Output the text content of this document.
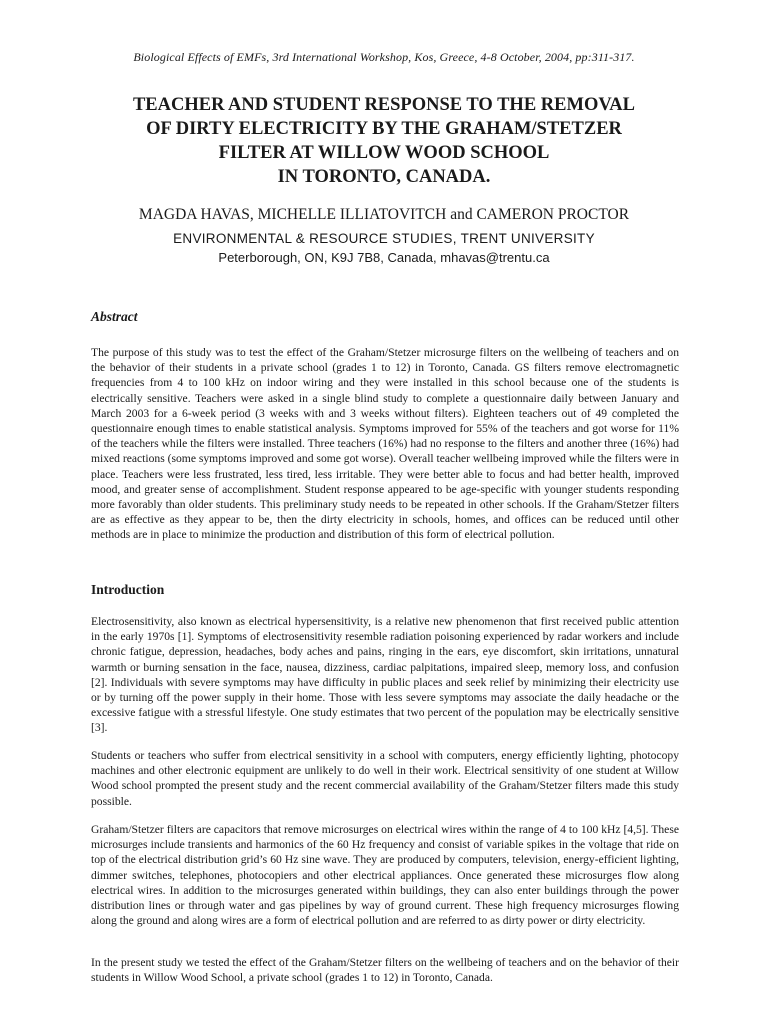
Biological Effects of EMFs, 3rd International Workshop, Kos, Greece, 4-8 October, 2004, pp:311-317.
TEACHER AND STUDENT RESPONSE TO THE REMOVAL
OF DIRTY ELECTRICITY BY THE GRAHAM/STETZER
FILTER AT WILLOW WOOD SCHOOL
IN TORONTO, CANADA.
MAGDA HAVAS, MICHELLE ILLIATOVITCH and CAMERON PROCTOR
ENVIRONMENTAL & RESOURCE STUDIES, TRENT UNIVERSITY
Peterborough, ON, K9J 7B8, Canada, mhavas@trentu.ca
Abstract
The purpose of this study was to test the effect of the Graham/Stetzer microsurge filters on the wellbeing of teachers and on the behavior of their students in a private school (grades 1 to 12) in Toronto, Canada. GS filters remove electromagnetic frequencies from 4 to 100 kHz on indoor wiring and they were installed in this school because one of the students is electrically sensitive. Teachers were asked in a single blind study to complete a questionnaire daily between January and March 2003 for a 6-week period (3 weeks with and 3 weeks without filters). Eighteen teachers out of 49 completed the questionnaire enough times to enable statistical analysis. Symptoms improved for 55% of the teachers and got worse for 11% of the teachers while the filters were installed. Three teachers (16%) had no response to the filters and another three (16%) had mixed reactions (some symptoms improved and some got worse). Overall teacher wellbeing improved while the filters were in place. Teachers were less frustrated, less tired, less irritable. They were better able to focus and had better health, improved mood, and greater sense of accomplishment. Student response appeared to be age-specific with younger students responding more favorably than older students. This preliminary study needs to be repeated in other schools. If the Graham/Stetzer filters are as effective as they appear to be, then the dirty electricity in schools, homes, and offices can be reduced until other methods are in place to minimize the production and distribution of this form of electrical pollution.
Introduction
Electrosensitivity, also known as electrical hypersensitivity, is a relative new phenomenon that first received public attention in the early 1970s [1]. Symptoms of electrosensitivity resemble radiation poisoning experienced by radar workers and include chronic fatigue, depression, headaches, body aches and pains, ringing in the ears, eye discomfort, skin irritations, unnatural warmth or burning sensation in the face, nausea, dizziness, cardiac palpitations, impaired sleep, memory loss, and confusion [2]. Individuals with severe symptoms may have difficulty in public places and seek relief by minimizing their electricity use or by turning off the power supply in their home. Those with less severe symptoms may associate the daily headache or the excessive fatigue with a stressful lifestyle. One study estimates that two percent of the population may be electrically sensitive [3].
Students or teachers who suffer from electrical sensitivity in a school with computers, energy efficiently lighting, photocopy machines and other electronic equipment are unlikely to do well in their work. Electrical sensitivity of one student at Willow Wood school prompted the present study and the recent commercial availability of the Graham/Stetzer filters made this study possible.
Graham/Stetzer filters are capacitors that remove microsurges on electrical wires within the range of 4 to 100 kHz [4,5]. These microsurges include transients and harmonics of the 60 Hz frequency and consist of variable spikes in the voltage that ride on top of the electrical distribution grid’s 60 Hz sine wave. They are produced by computers, television, energy-efficient lighting, dimmer switches, telephones, photocopiers and other electrical appliances. Once generated these microsurges flow along electrical wires. In addition to the microsurges generated within buildings, they can also enter buildings through the power distribution lines or through water and gas pipelines by way of ground current. These high frequency microsurges flowing along the ground and along wires are a form of electrical pollution and are referred to as dirty power or dirty electricity.
In the present study we tested the effect of the Graham/Stetzer filters on the wellbeing of teachers and on the behavior of their students in Willow Wood School, a private school (grades 1 to 12) in Toronto, Canada.
